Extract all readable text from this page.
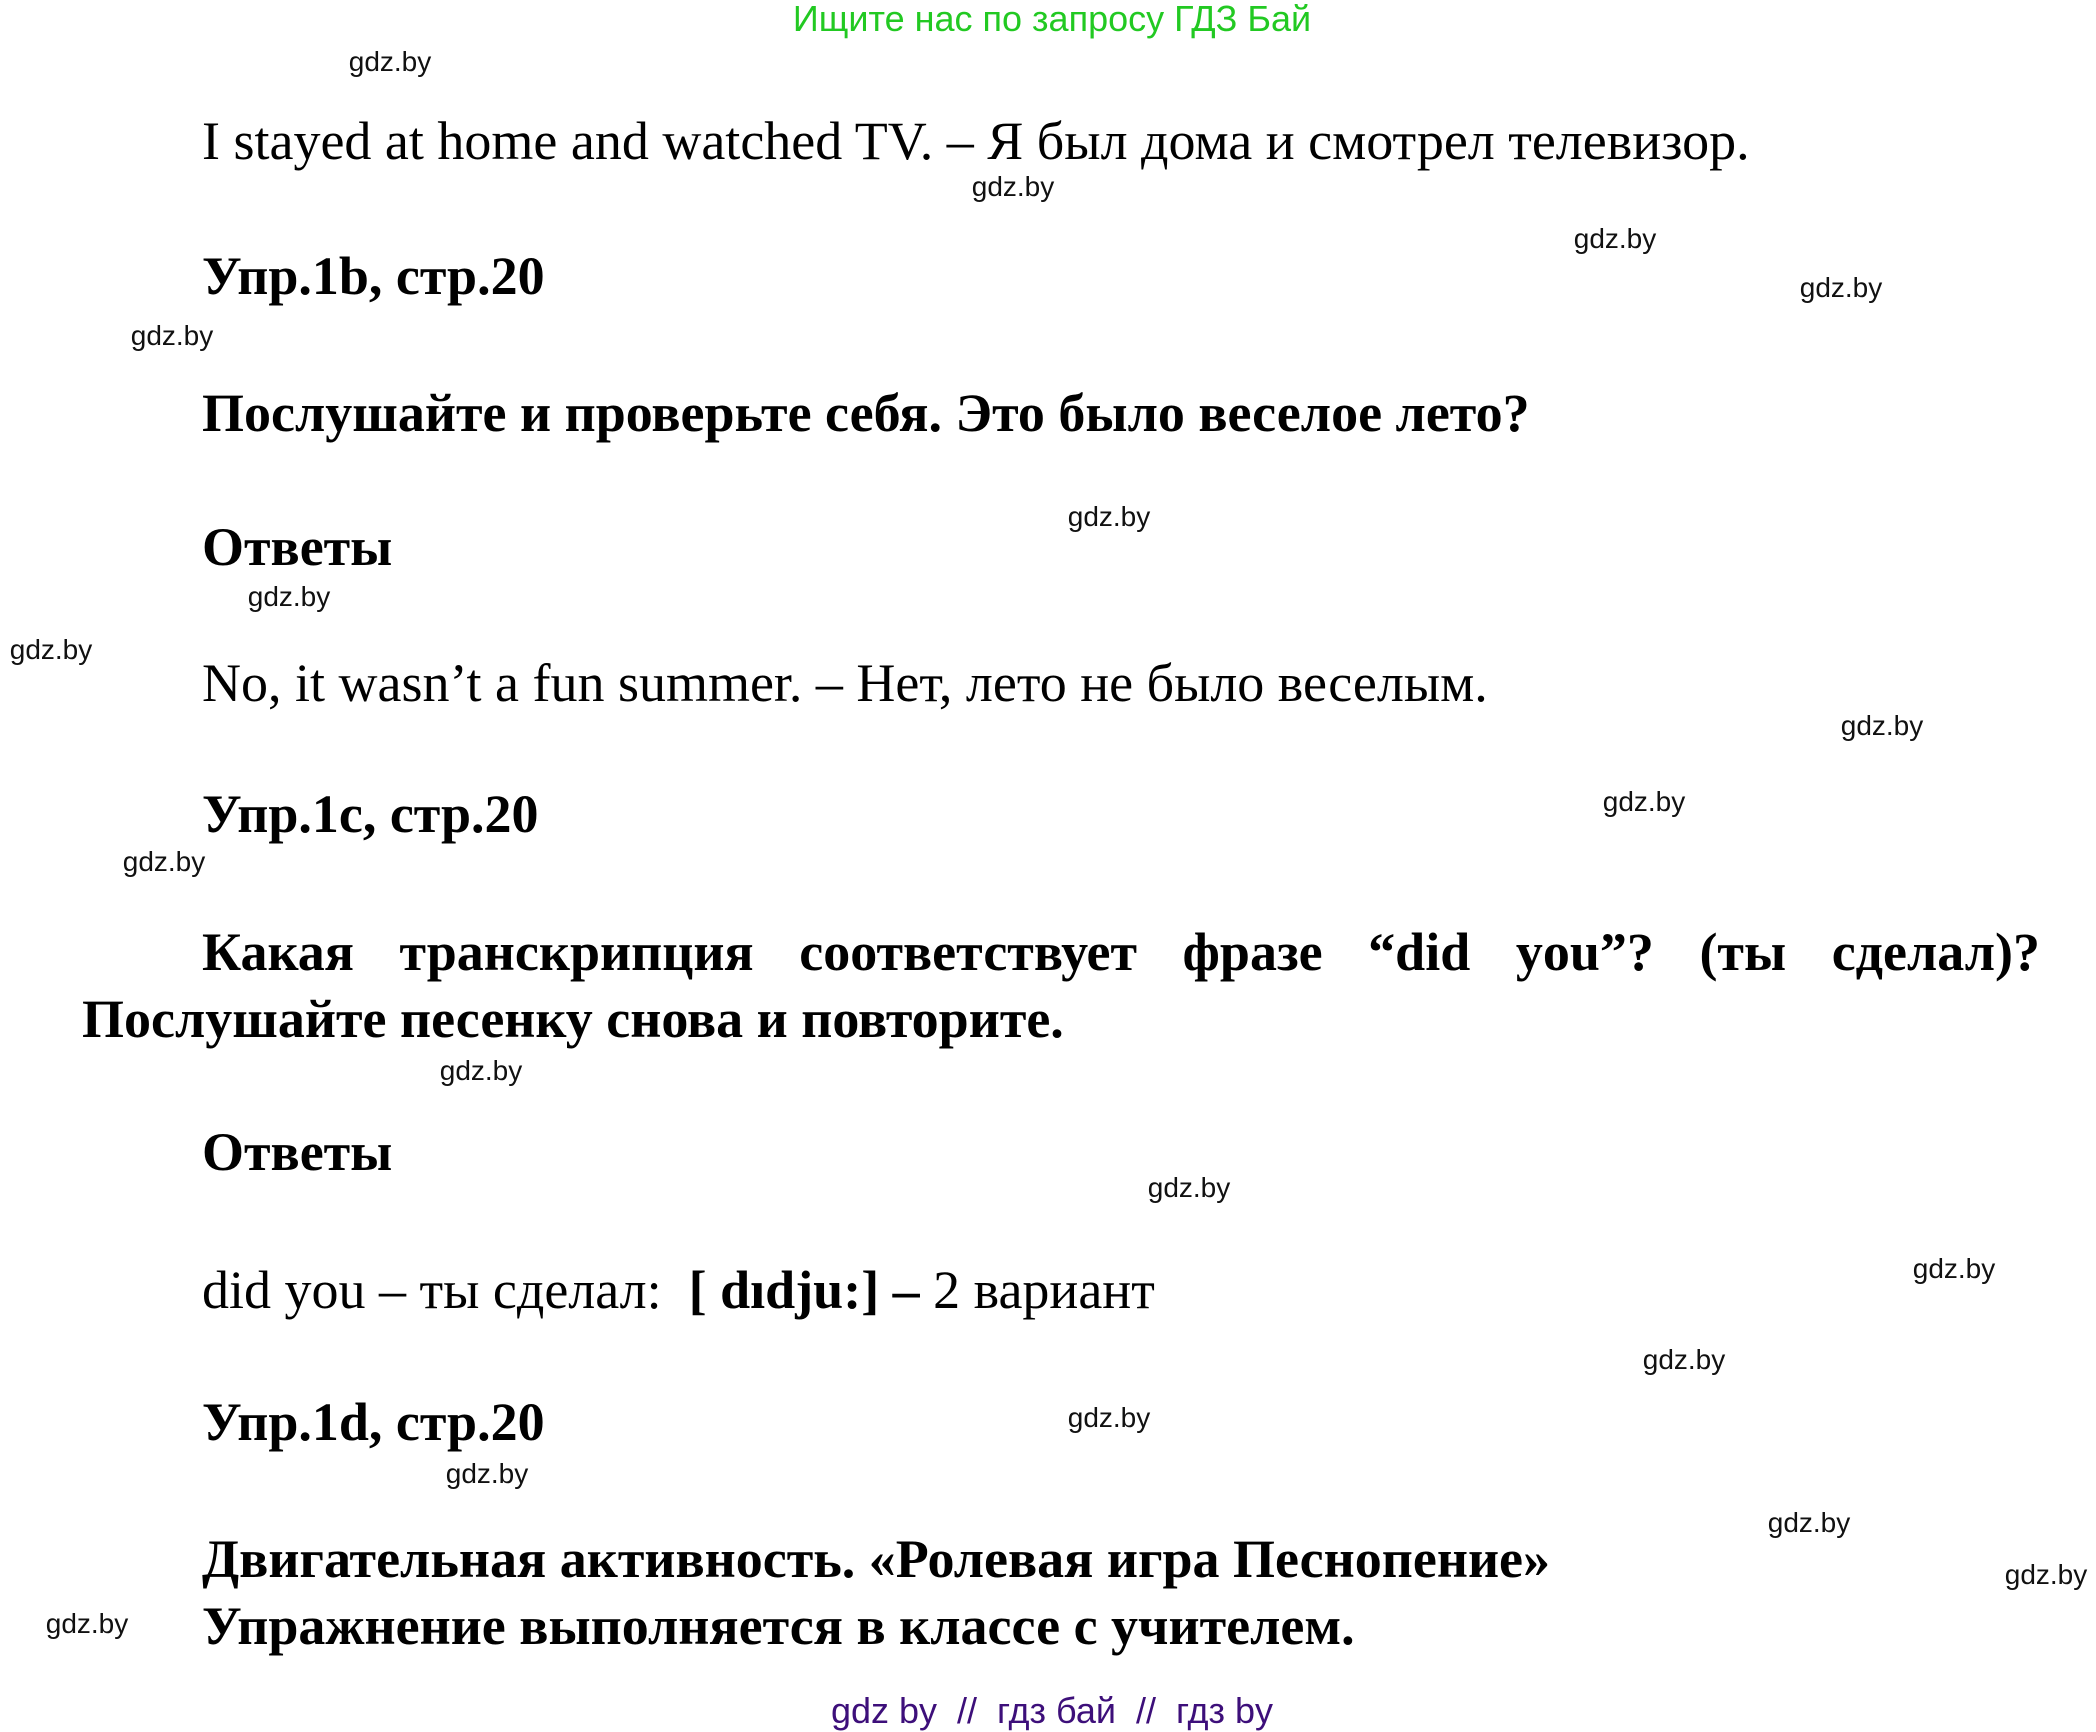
Ищите нас по запросу ГДЗ Бай
I stayed at home and watched TV. – Я был дома и смотрел телевизор.
Упр.1b, стр.20
Послушайте и проверьте себя. Это было веселое лето?
Ответы
No, it wasn’t a fun summer. – Нет, лето не было веселым.
Упр.1c, стр.20
Какая транскрипция соответствует фразе “did you”? (ты сделал)?
Послушайте песенку снова и повторите.
Ответы
did you – ты сделал:  [ dıdju:] – 2 вариант
Упр.1d, стр.20
Двигательная активность. «Ролевая игра Песнопение»
Упражнение выполняется в классе с учителем.
gdz.by
gdz.by
gdz.by
gdz.by
gdz.by
gdz.by
gdz.by
gdz.by
gdz.by
gdz.by
gdz.by
gdz.by
gdz.by
gdz.by
gdz.by
gdz.by
gdz.by
gdz.by
gdz.by
gdz.by
gdz by  //  гдз бай  //  гдз by
